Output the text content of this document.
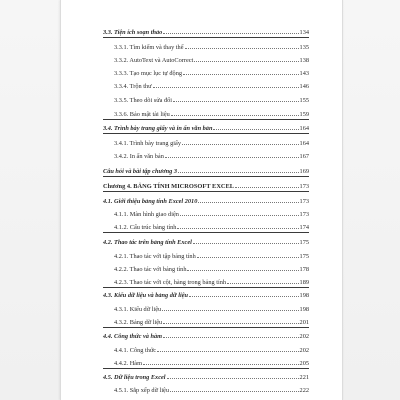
3.3. Tiện ích soạn thảo	134
3.3.1. Tìm kiếm và thay thế	135
3.3.2. AutoText và AutoCorrect	138
3.3.3. Tạo mục lục tự động	143
3.3.4. Trộn thư	146
3.3.5. Theo dõi sửa đổi	155
3.3.6. Bảo mật tài liệu	159
3.4. Trình bày trang giấy và in ấn văn bản	164
3.4.1. Trình bày trang giấy	164
3.4.2. In ấn văn bản	167
Câu hỏi và bài tập chương 3	169
Chương 4. BẢNG TÍNH MICROSOFT EXCEL	173
4.1. Giới thiệu bảng tính Excel 2010	173
4.1.1. Màn hình giao diện	173
4.1.2. Cấu trúc bảng tính	174
4.2. Thao tác trên bảng tính Excel	175
4.2.1. Thao tác với tập bảng tính	175
4.2.2. Thao tác với bảng tính	178
4.2.3. Thao tác với cột, hàng trong bảng tính	189
4.3. Kiểu dữ liệu và bảng dữ liệu	198
4.3.1. Kiểu dữ liệu	198
4.3.2. Bảng dữ liệu	201
4.4. Công thức và hàm	202
4.4.1. Công thức	202
4.4.2. Hàm	205
4.5. Dữ liệu trong Excel	221
4.5.1. Sắp xếp dữ liệu	222
